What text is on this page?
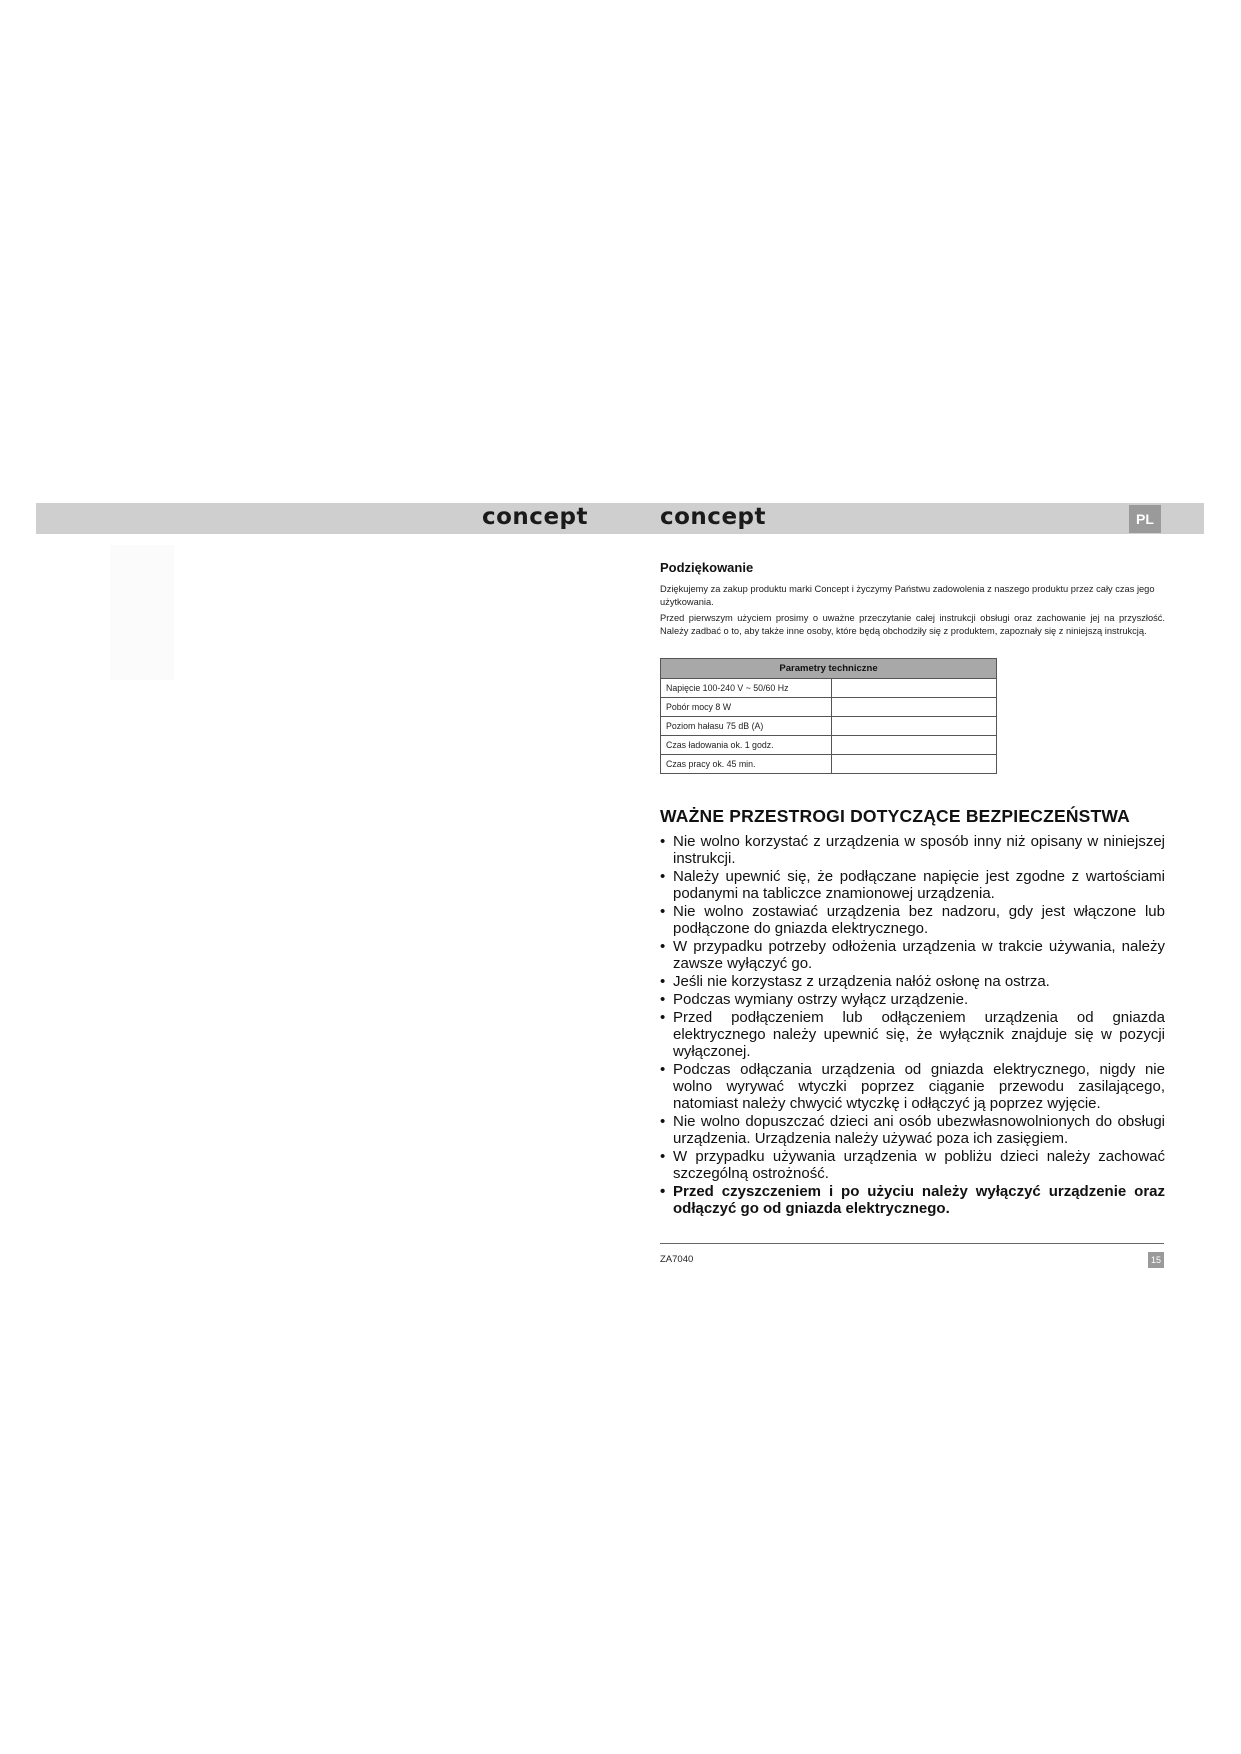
concept	concept	PL
Podziękowanie
Dziękujemy za zakup produktu marki Concept i życzymy Państwu zadowolenia z naszego produktu przez cały czas jego użytkowania.
Przed pierwszym użyciem prosimy o uważne przeczytanie całej instrukcji obsługi oraz zachowanie jej na przyszłość. Należy zadbać o to, aby także inne osoby, które będą obchodziły się z produktem, zapoznały się z niniejszą instrukcją.
Parametry techniczne	
Napięcie 100-240 V ~ 50/60 Hz	
Pobór mocy 8 W	
Poziom hałasu 75 dB (A)	
Czas ładowania ok. 1 godz.	
Czas pracy ok. 45 min.	
WAŻNE PRZESTROGI DOTYCZĄCE BEZPIECZEŃSTWA
• Nie wolno korzystać z urządzenia w sposób inny niż opisany w niniejszej instrukcji.
• Należy upewnić się, że podłączane napięcie jest zgodne z wartościami podanymi na tabliczce znamionowej urządzenia.
• Nie wolno zostawiać urządzenia bez nadzoru, gdy jest włączone lub podłączone do gniazda elektrycznego.
• W przypadku potrzeby odłożenia urządzenia w trakcie używania, należy zawsze wyłączyć go.
• Jeśli nie korzystasz z urządzenia nałóż osłonę na ostrza.
• Podczas wymiany ostrzy wyłącz urządzenie.
• Przed podłączeniem lub odłączeniem urządzenia od gniazda elektrycznego należy upewnić się, że wyłącznik znajduje się w pozycji wyłączonej.
• Podczas odłączania urządzenia od gniazda elektrycznego, nigdy nie wolno wyrywać wtyczki poprzez ciąganie przewodu zasilającego, natomiast należy chwycić wtyczkę i odłączyć ją poprzez wyjęcie.
• Nie wolno dopuszczać dzieci ani osób ubezwłasnowolnionych do obsługi urządzenia. Urządzenia należy używać poza ich zasięgiem.
• W przypadku używania urządzenia w pobliżu dzieci należy zachować szczególną ostrożność.
• Przed czyszczeniem i po użyciu należy wyłączyć urządzenie oraz odłączyć go od gniazda elektrycznego.
ZA7040	15
